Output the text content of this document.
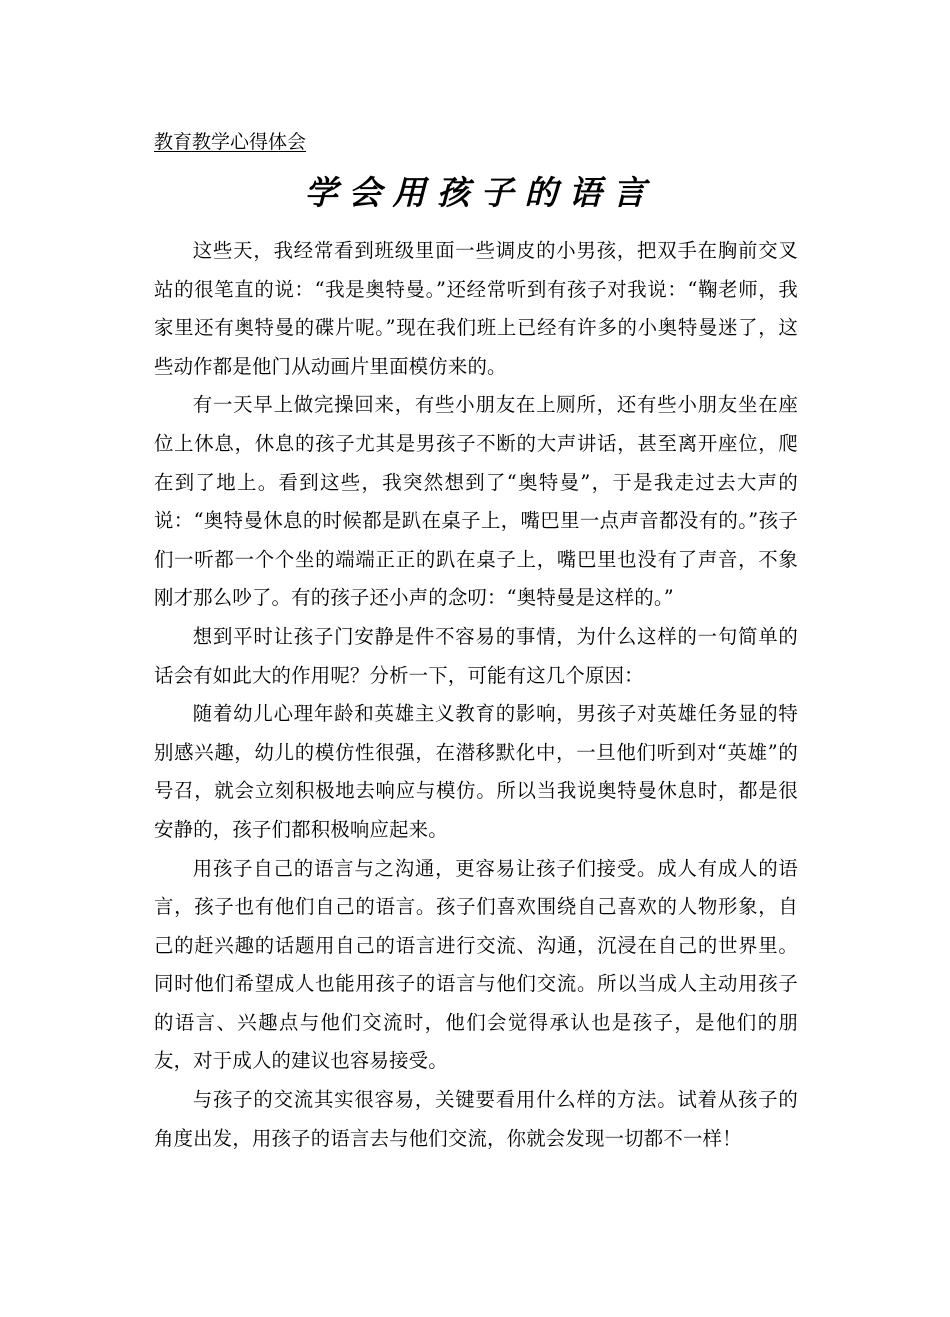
教育教学心得体会
学会用孩子的语言

这些天，我经常看到班级里面一些调皮的小男孩，把双手在胸前交叉站的很笔直的说：“我是奥特曼。”还经常听到有孩子对我说：“鞠老师，我家里还有奥特曼的碟片呢。”现在我们班上已经有许多的小奥特曼迷了，这些动作都是他门从动画片里面模仿来的。

有一天早上做完操回来，有些小朋友在上厕所，还有些小朋友坐在座位上休息，休息的孩子尤其是男孩子不断的大声讲话，甚至离开座位，爬在到了地上。看到这些，我突然想到了“奥特曼”，于是我走过去大声的说：“奥特曼休息的时候都是趴在桌子上，嘴巴里一点声音都没有的。”孩子们一听都一个个坐的端端正正的趴在桌子上，嘴巴里也没有了声音，不象刚才那么吵了。有的孩子还小声的念叨：“奥特曼是这样的。”

想到平时让孩子门安静是件不容易的事情，为什么这样的一句简单的话会有如此大的作用呢？分析一下，可能有这几个原因：

随着幼儿心理年龄和英雄主义教育的影响，男孩子对英雄任务显的特别感兴趣，幼儿的模仿性很强，在潜移默化中，一旦他们听到对“英雄”的号召，就会立刻积极地去响应与模仿。所以当我说奥特曼休息时，都是很安静的，孩子们都积极响应起来。

用孩子自己的语言与之沟通，更容易让孩子们接受。成人有成人的语言，孩子也有他们自己的语言。孩子们喜欢围绕自己喜欢的人物形象，自己的赶兴趣的话题用自己的语言进行交流、沟通，沉浸在自己的世界里。同时他们希望成人也能用孩子的语言与他们交流。所以当成人主动用孩子的语言、兴趣点与他们交流时，他们会觉得承认也是孩子，是他们的朋友，对于成人的建议也容易接受。

与孩子的交流其实很容易，关键要看用什么样的方法。试着从孩子的角度出发，用孩子的语言去与他们交流，你就会发现一切都不一样！
